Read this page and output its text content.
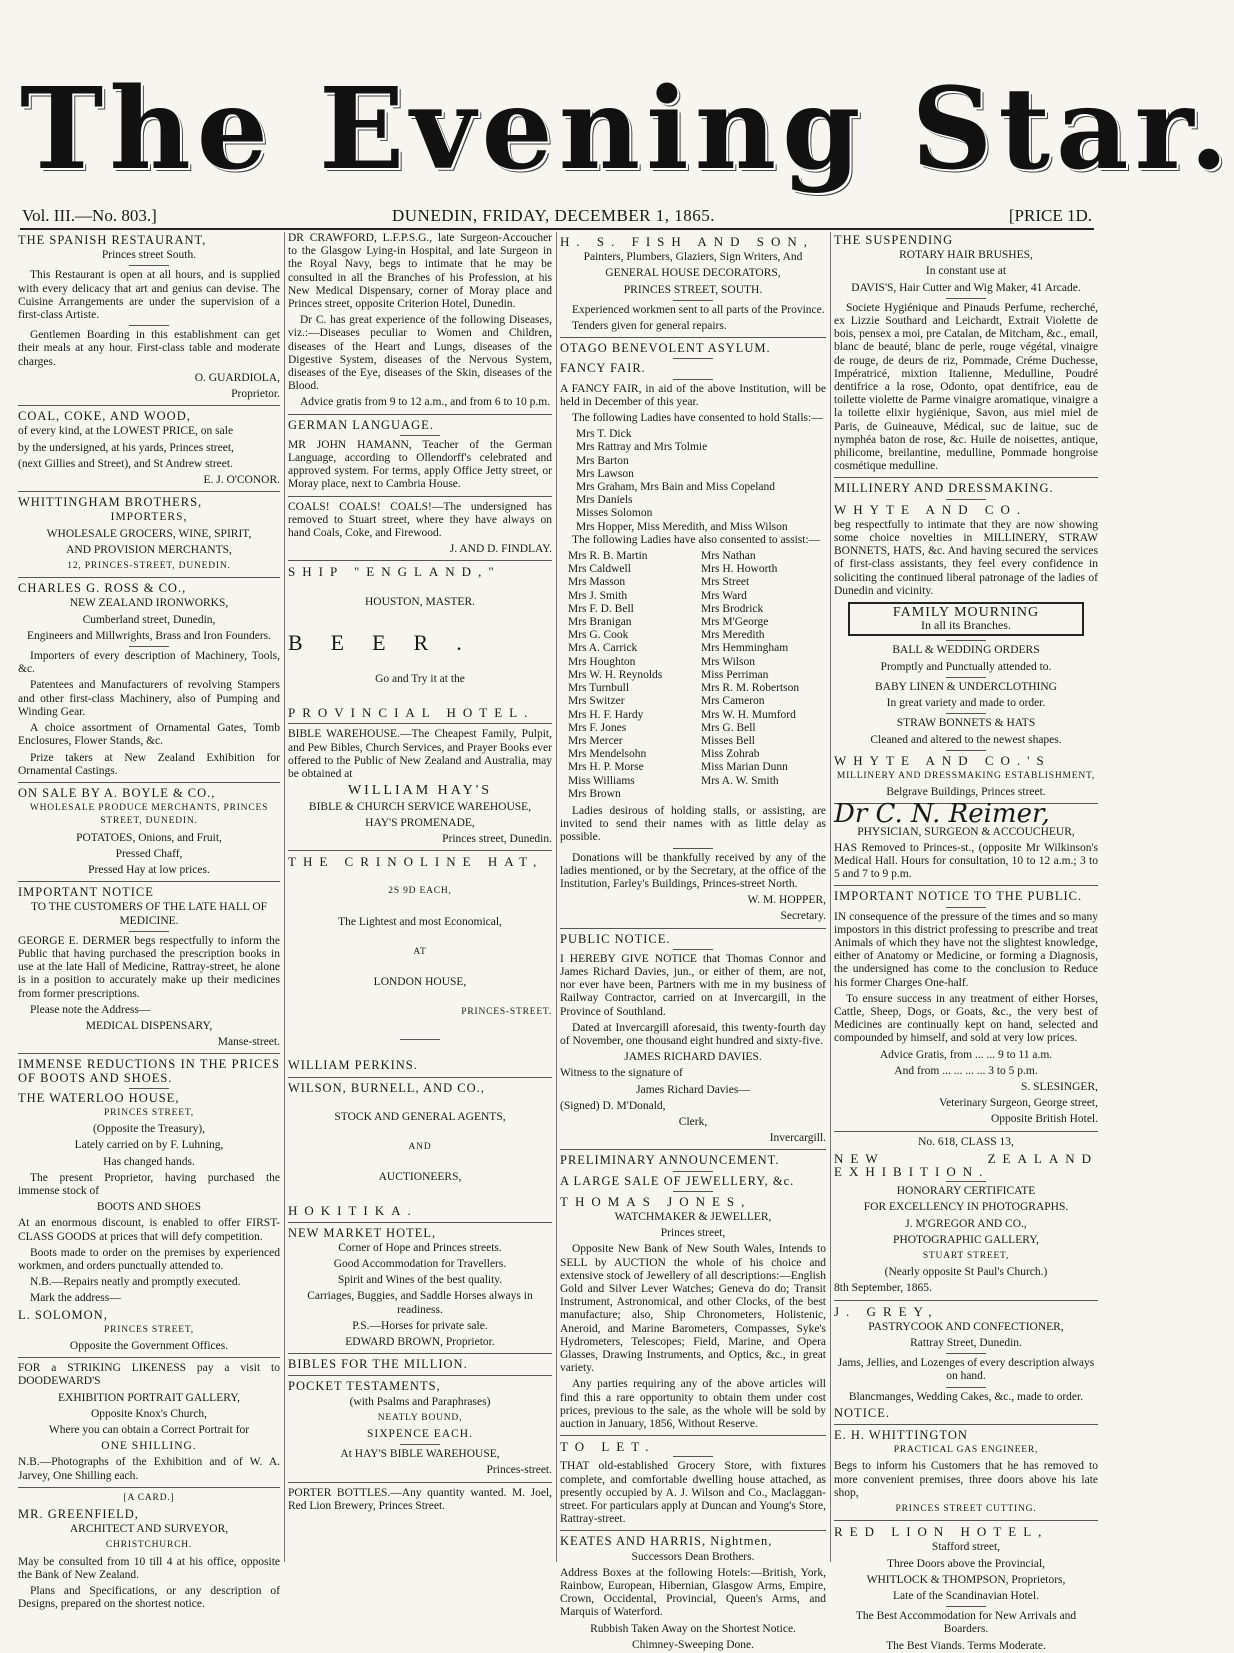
The Evening Star.
Vol. III.—No. 803.]	DUNEDIN, FRIDAY, DECEMBER 1, 1865.	[PRICE 1D.

THE SPANISH RESTAURANT,

Princes street South.

This Restaurant is open at all hours, and is supplied with every delicacy that art and genius can devise. The Cuisine Arrangements are under the supervision of a first-class Artiste.

Gentlemen Boarding in this establishment can get their meals at any hour. First-class table and moderate charges.

O. GUARDIOLA,

Proprietor.

COAL, COKE, AND WOOD,

of every kind, at the LOWEST PRICE, on sale

by the undersigned, at his yards, Princes street,

(next Gillies and Street), and St Andrew street.

E. J. O'CONOR.

WHITTINGHAM BROTHERS,

IMPORTERS,

WHOLESALE GROCERS, WINE, SPIRIT,

AND PROVISION MERCHANTS,

12, PRINCES-STREET, DUNEDIN.

CHARLES G. ROSS & CO.,

NEW ZEALAND IRONWORKS,

Cumberland street, Dunedin,

Engineers and Millwrights, Brass and Iron Founders.

Importers of every description of Machinery, Tools, &c.

Patentees and Manufacturers of revolving Stampers and other first-class Machinery, also of Pumping and Winding Gear.

A choice assortment of Ornamental Gates, Tomb Enclosures, Flower Stands, &c.

Prize takers at New Zealand Exhibition for Ornamental Castings.

ON SALE BY A. BOYLE & CO.,

WHOLESALE PRODUCE MERCHANTS, PRINCES STREET, DUNEDIN.

POTATOES, Onions, and Fruit,

Pressed Chaff,

Pressed Hay at low prices.

IMPORTANT NOTICE

TO THE CUSTOMERS OF THE LATE HALL OF MEDICINE.

GEORGE E. DERMER begs respectfully to inform the Public that having purchased the prescription books in use at the late Hall of Medicine, Rattray-street, he alone is in a position to accurately make up their medicines from former prescriptions.

Please note the Address—

MEDICAL DISPENSARY,

Manse-street.

IMMENSE REDUCTIONS IN THE PRICES OF BOOTS AND SHOES.

THE WATERLOO HOUSE,

PRINCES STREET,

(Opposite the Treasury),

Lately carried on by F. Luhning,

Has changed hands.

The present Proprietor, having purchased the immense stock of

BOOTS AND SHOES

At an enormous discount, is enabled to offer FIRST-CLASS GOODS at prices that will defy competition.

Boots made to order on the premises by experienced workmen, and orders punctually attended to.

N.B.—Repairs neatly and promptly executed.

Mark the address—

L. SOLOMON,

PRINCES STREET,

Opposite the Government Offices.

FOR a STRIKING LIKENESS pay a visit to DOODEWARD'S

EXHIBITION PORTRAIT GALLERY,

Opposite Knox's Church,

Where you can obtain a Correct Portrait for

ONE SHILLING.

N.B.—Photographs of the Exhibition and of W. A. Jarvey, One Shilling each.

[A CARD.]

MR. GREENFIELD,

ARCHITECT AND SURVEYOR,

CHRISTCHURCH.

May be consulted from 10 till 4 at his office, opposite the Bank of New Zealand.

Plans and Specifications, or any description of Designs, prepared on the shortest notice.

DR CRAWFORD, L.F.P.S.G., late Surgeon-Accoucher to the Glasgow Lying-in Hospital, and late Surgeon in the Royal Navy, begs to intimate that he may be consulted in all the Branches of his Profession, at his New Medical Dispensary, corner of Moray place and Princes street, opposite Criterion Hotel, Dunedin.

Dr C. has great experience of the following Diseases, viz.:—Diseases peculiar to Women and Children, diseases of the Heart and Lungs, diseases of the Digestive System, diseases of the Nervous System, diseases of the Eye, diseases of the Skin, diseases of the Blood.

Advice gratis from 9 to 12 a.m., and from 6 to 10 p.m.

GERMAN LANGUAGE.

MR JOHN HAMANN, Teacher of the German Language, according to Ollendorff's celebrated and approved system. For terms, apply Office Jetty street, or Moray place, next to Cambria House.

COALS! COALS! COALS!—The undersigned has removed to Stuart street, where they have always on hand Coals, Coke, and Firewood.

J. AND D. FINDLAY.

SHIP "ENGLAND,"

HOUSTON, MASTER.

BEER.

Go and Try it at the

PROVINCIAL HOTEL.

BIBLE WAREHOUSE.—The Cheapest Family, Pulpit, and Pew Bibles, Church Services, and Prayer Books ever offered to the Public of New Zealand and Australia, may be obtained at

WILLIAM HAY'S

BIBLE & CHURCH SERVICE WAREHOUSE,

HAY'S PROMENADE,

Princes street, Dunedin.

THE CRINOLINE HAT,

2S 9D EACH,

The Lightest and most Economical,

AT

LONDON HOUSE,

PRINCES-STREET.

WILLIAM PERKINS.

WILSON, BURNELL, AND CO.,

STOCK AND GENERAL AGENTS,

AND

AUCTIONEERS,

HOKITIKA.

NEW MARKET HOTEL,

Corner of Hope and Princes streets.

Good Accommodation for Travellers.

Spirit and Wines of the best quality.

Carriages, Buggies, and Saddle Horses always in readiness.

P.S.—Horses for private sale.

EDWARD BROWN, Proprietor.

BIBLES FOR THE MILLION.

POCKET TESTAMENTS,

(with Psalms and Paraphrases)

NEATLY BOUND,

SIXPENCE EACH.

At HAY'S BIBLE WAREHOUSE,

Princes-street.

PORTER BOTTLES.—Any quantity wanted. M. Joel, Red Lion Brewery, Princes Street.

H. S. FISH AND SON,

Painters, Plumbers, Glaziers, Sign Writers, And

GENERAL HOUSE DECORATORS,

PRINCES STREET, SOUTH.

Experienced workmen sent to all parts of the Province.

Tenders given for general repairs.

OTAGO BENEVOLENT ASYLUM.

FANCY FAIR.

A FANCY FAIR, in aid of the above Institution, will be held in December of this year.

The following Ladies have consented to hold Stalls:—

Mrs T. Dick
Mrs Rattray and Mrs Tolmie
Mrs Barton
Mrs Lawson
Mrs Graham, Mrs Bain and Miss Copeland
Mrs Daniels
Misses Solomon
Mrs Hopper, Miss Meredith, and Miss Wilson

The following Ladies have also consented to assist:—

Mrs R. B. Martin
Mrs Caldwell
Mrs Masson
Mrs J. Smith
Mrs F. D. Bell
Mrs Branigan
Mrs G. Cook
Mrs A. Carrick
Mrs Houghton
Mrs W. H. Reynolds
Mrs Turnbull
Mrs Switzer
Mrs H. F. Hardy
Mrs F. Jones
Mrs Mercer
Mrs Mendelsohn
Mrs H. P. Morse
Miss Williams
Mrs Brown
Mrs Nathan
Mrs H. Howorth
Mrs Street
Mrs Ward
Mrs Brodrick
Mrs M'George
Mrs Meredith
Mrs Hemmingham
Mrs Wilson
Miss Perriman
Mrs R. M. Robertson
Mrs Cameron
Mrs W. H. Mumford
Mrs G. Bell
Misses Bell
Miss Zohrab
Miss Marian Dunn
Mrs A. W. Smith

Ladies desirous of holding stalls, or assisting, are invited to send their names with as little delay as possible.

Donations will be thankfully received by any of the ladies mentioned, or by the Secretary, at the office of the Institution, Farley's Buildings, Princes-street North.

W. M. HOPPER,

Secretary.

PUBLIC NOTICE.

I HEREBY GIVE NOTICE that Thomas Connor and James Richard Davies, jun., or either of them, are not, nor ever have been, Partners with me in my business of Railway Contractor, carried on at Invercargill, in the Province of Southland.

Dated at Invercargill aforesaid, this twenty-fourth day of November, one thousand eight hundred and sixty-five.

JAMES RICHARD DAVIES.

Witness to the signature of

James Richard Davies—

(Signed) D. M'Donald,

Clerk,

Invercargill.

PRELIMINARY ANNOUNCEMENT.

A LARGE SALE OF JEWELLERY, &c.

THOMAS JONES,

WATCHMAKER & JEWELLER,

Princes street,

Opposite New Bank of New South Wales, Intends to SELL by AUCTION the whole of his choice and extensive stock of Jewellery of all descriptions:—English Gold and Silver Lever Watches; Geneva do do; Transit Instrument, Astronomical, and other Clocks, of the best manufacture; also, Ship Chronometers, Holistenic, Aneroid, and Marine Barometers, Compasses, Syke's Hydrometers, Telescopes; Field, Marine, and Opera Glasses, Drawing Instruments, and Optics, &c., in great variety.

Any parties requiring any of the above articles will find this a rare opportunity to obtain them under cost prices, previous to the sale, as the whole will be sold by auction in January, 1856, Without Reserve.

TO LET.

THAT old-established Grocery Store, with fixtures complete, and comfortable dwelling house attached, as presently occupied by A. J. Wilson and Co., Maclaggan-street. For particulars apply at Duncan and Young's Store, Rattray-street.

KEATES AND HARRIS, Nightmen,

Successors Dean Brothers.

Address Boxes at the following Hotels:—British, York, Rainbow, European, Hibernian, Glasgow Arms, Empire, Crown, Occidental, Provincial, Queen's Arms, and Marquis of Waterford.

Rubbish Taken Away on the Shortest Notice.

Chimney-Sweeping Done.

THE SUSPENDING

ROTARY HAIR BRUSHES,

In constant use at

DAVIS'S, Hair Cutter and Wig Maker, 41 Arcade.

Societe Hygiénique and Pinauds Perfume, recherché, ex Lizzie Southard and Leichardt, Extrait Violette de bois, pensex a moi, pre Catalan, de Mitcham, &c., email, blanc de beauté, blanc de perle, rouge végétal, vinaigre de rouge, de deurs de riz, Pommade, Créme Duchesse, Impératricé, mixtion Italienne, Medulline, Poudré dentifrice a la rose, Odonto, opat dentifrice, eau de toilette violette de Parme vinaigre aromatique, vinaigre a la toilette elixir hygiénique, Savon, aus miel miel de Paris, de Guineauve, Médical, suc de laitue, suc de nymphéa baton de rose, &c. Huile de noisettes, antique, philicome, breilantine, medulline, Pommade hongroise cosmétique medulline.

MILLINERY AND DRESSMAKING.

WHYTE AND CO.

beg respectfully to intimate that they are now showing some choice novelties in MILLINERY, STRAW BONNETS, HATS, &c. And having secured the services of first-class assistants, they feel every confidence in soliciting the continued liberal patronage of the ladies of Dunedin and vicinity.

FAMILY MOURNING
In all its Branches.

BALL & WEDDING ORDERS

Promptly and Punctually attended to.

BABY LINEN & UNDERCLOTHING

In great variety and made to order.

STRAW BONNETS & HATS

Cleaned and altered to the newest shapes.

WHYTE AND CO.'S

MILLINERY AND DRESSMAKING ESTABLISHMENT,

Belgrave Buildings, Princes street.

Dr C. N. Reimer,

PHYSICIAN, SURGEON & ACCOUCHEUR,

HAS Removed to Princes-st., (opposite Mr Wilkinson's Medical Hall. Hours for consultation, 10 to 12 a.m.; 3 to 5 and 7 to 9 p.m.

IMPORTANT NOTICE TO THE PUBLIC.

IN consequence of the pressure of the times and so many impostors in this district professing to prescribe and treat Animals of which they have not the slightest knowledge, either of Anatomy or Medicine, or forming a Diagnosis, the undersigned has come to the conclusion to Reduce his former Charges One-half.

To ensure success in any treatment of either Horses, Cattle, Sheep, Dogs, or Goats, &c., the very best of Medicines are continually kept on hand, selected and compounded by himself, and sold at very low prices.

Advice Gratis, from ... ... 9 to 11 a.m.

And from ... ... ... ... 3 to 5 p.m.

S. SLESINGER,

Veterinary Surgeon, George street,

Opposite British Hotel.

No. 618, CLASS 13,

NEW ZEALAND EXHIBITION.

HONORARY CERTIFICATE

FOR EXCELLENCY IN PHOTOGRAPHS.

J. M'GREGOR AND CO.,

PHOTOGRAPHIC GALLERY,

STUART STREET,

(Nearly opposite St Paul's Church.)

8th September, 1865.

J. GREY,

PASTRYCOOK AND CONFECTIONER,

Rattray Street, Dunedin.

Jams, Jellies, and Lozenges of every description always on hand.

Blancmanges, Wedding Cakes, &c., made to order.

NOTICE.

E. H. WHITTINGTON

PRACTICAL GAS ENGINEER,

Begs to inform his Customers that he has removed to more convenient premises, three doors above his late shop,

PRINCES STREET CUTTING.

RED LION HOTEL,

Stafford street,

Three Doors above the Provincial,

WHITLOCK & THOMPSON, Proprietors,

Late of the Scandinavian Hotel.

The Best Accommodation for New Arrivals and Boarders.

The Best Viands. Terms Moderate.
